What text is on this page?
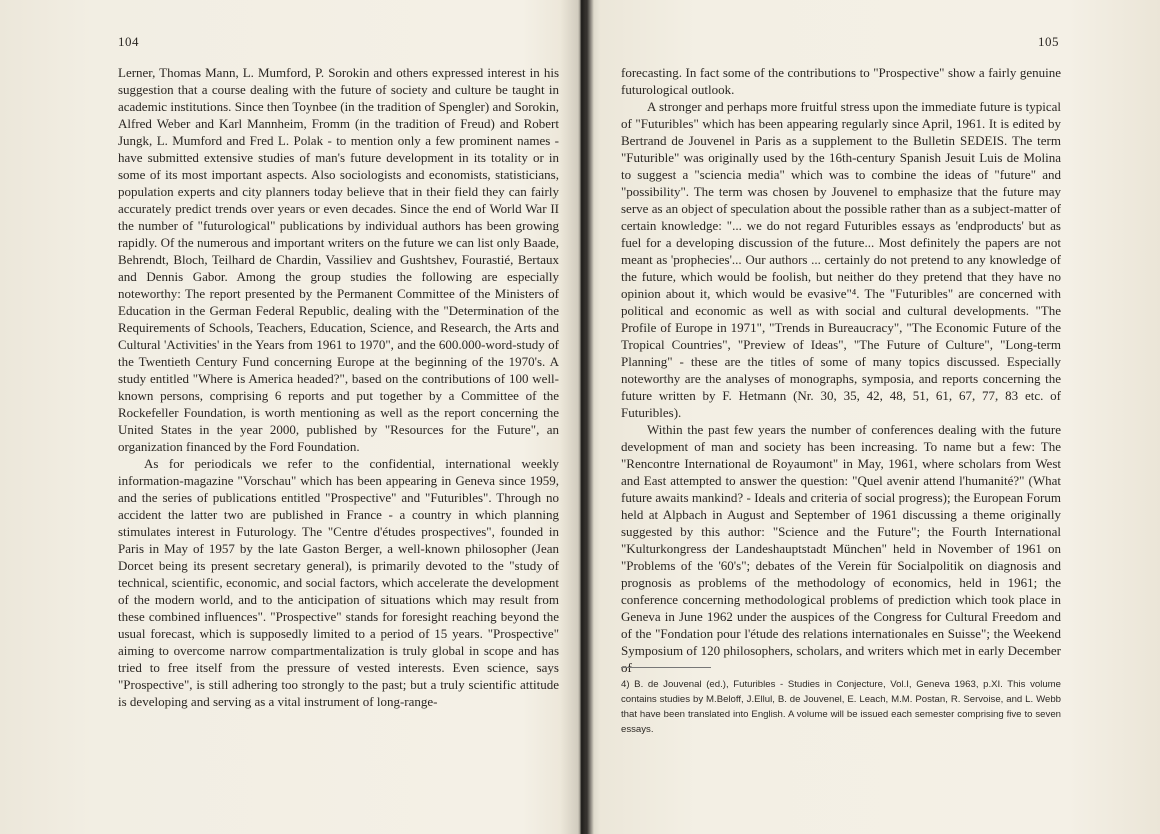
104

Lerner, Thomas Mann, L. Mumford, P. Sorokin and others expressed interest in his suggestion that a course dealing with the future of society and culture be taught in academic institutions. Since then Toynbee (in the tradition of Spengler) and Sorokin, Alfred Weber and Karl Mannheim, Fromm (in the tradition of Freud) and Robert Jungk, L. Mumford and Fred L. Polak - to mention only a few prominent names - have submitted extensive studies of man's future development in its totality or in some of its most important aspects. Also sociologists and economists, statisticians, population experts and city planners today believe that in their field they can fairly accurately predict trends over years or even decades. Since the end of World War II the number of "futurological" publications by individual authors has been growing rapidly. Of the numerous and important writers on the future we can list only Baade, Behrendt, Bloch, Teilhard de Chardin, Vassiliev and Gushtshev, Fourastié, Bertaux and Dennis Gabor. Among the group studies the following are especially noteworthy: The report presented by the Permanent Committee of the Ministers of Education in the German Federal Republic, dealing with the "Determination of the Requirements of Schools, Teachers, Education, Science, and Research, the Arts and Cultural 'Activities' in the Years from 1961 to 1970", and the 600.000-word-study of the Twentieth Century Fund concerning Europe at the beginning of the 1970's. A study entitled "Where is America headed?", based on the contributions of 100 well-known persons, comprising 6 reports and put together by a Committee of the Rockefeller Foundation, is worth mentioning as well as the report concerning the United States in the year 2000, published by "Resources for the Future", an organization financed by the Ford Foundation.

As for periodicals we refer to the confidential, international weekly information-magazine "Vorschau" which has been appearing in Geneva since 1959, and the series of publications entitled "Prospective" and "Futuribles". Through no accident the latter two are published in France - a country in which planning stimulates interest in Futurology. The "Centre d'études prospectives", founded in Paris in May of 1957 by the late Gaston Berger, a well-known philosopher (Jean Dorcet being its present secretary general), is primarily devoted to the "study of technical, scientific, economic, and social factors, which accelerate the development of the modern world, and to the anticipation of situations which may result from these combined influences". "Prospective" stands for foresight reaching beyond the usual forecast, which is supposedly limited to a period of 15 years. "Prospective" aiming to overcome narrow compartmentalization is truly global in scope and has tried to free itself from the pressure of vested interests. Even science, says "Prospective", is still adhering too strongly to the past; but a truly scientific attitude is developing and serving as a vital instrument of long-range-

105

forecasting. In fact some of the contributions to "Prospective" show a fairly genuine futurological outlook.

A stronger and perhaps more fruitful stress upon the immediate future is typical of "Futuribles" which has been appearing regularly since April, 1961. It is edited by Bertrand de Jouvenel in Paris as a supplement to the Bulletin SEDEIS. The term "Futurible" was originally used by the 16th-century Spanish Jesuit Luis de Molina to suggest a "sciencia media" which was to combine the ideas of "future" and "possibility". The term was chosen by Jouvenel to emphasize that the future may serve as an object of speculation about the possible rather than as a subject-matter of certain knowledge: "... we do not regard Futuribles essays as 'endproducts' but as fuel for a developing discussion of the future... Most definitely the papers are not meant as 'prophecies'... Our authors ... certainly do not pretend to any knowledge of the future, which would be foolish, but neither do they pretend that they have no opinion about it, which would be evasive"⁴. The "Futuribles" are concerned with political and economic as well as with social and cultural developments. "The Profile of Europe in 1971", "Trends in Bureaucracy", "The Economic Future of the Tropical Countries", "Preview of Ideas", "The Future of Culture", "Long-term Planning" - these are the titles of some of many topics discussed. Especially noteworthy are the analyses of monographs, symposia, and reports concerning the future written by F. Hetmann (Nr. 30, 35, 42, 48, 51, 61, 67, 77, 83 etc. of Futuribles).

Within the past few years the number of conferences dealing with the future development of man and society has been increasing. To name but a few: The "Rencontre International de Royaumont" in May, 1961, where scholars from West and East attempted to answer the question: "Quel avenir attend l'humanité?" (What future awaits mankind? - Ideals and criteria of social progress); the European Forum held at Alpbach in August and September of 1961 discussing a theme originally suggested by this author: "Science and the Future"; the Fourth International "Kulturkongress der Landeshauptstadt München" held in November of 1961 on "Problems of the '60's"; debates of the Verein für Socialpolitik on diagnosis and prognosis as problems of the methodology of economics, held in 1961; the conference concerning methodological problems of prediction which took place in Geneva in June 1962 under the auspices of the Congress for Cultural Freedom and of the "Fondation pour l'étude des relations internationales en Suisse"; the Weekend Symposium of 120 philosophers, scholars, and writers which met in early December of

4) B. de Jouvenal (ed.), Futuribles - Studies in Conjecture, Vol.I, Geneva 1963, p.XI. This volume contains studies by M.Beloff, J.Ellul, B. de Jouvenel, E. Leach, M.M. Postan, R. Servoise, and L. Webb that have been translated into English. A volume will be issued each semester comprising five to seven essays.
